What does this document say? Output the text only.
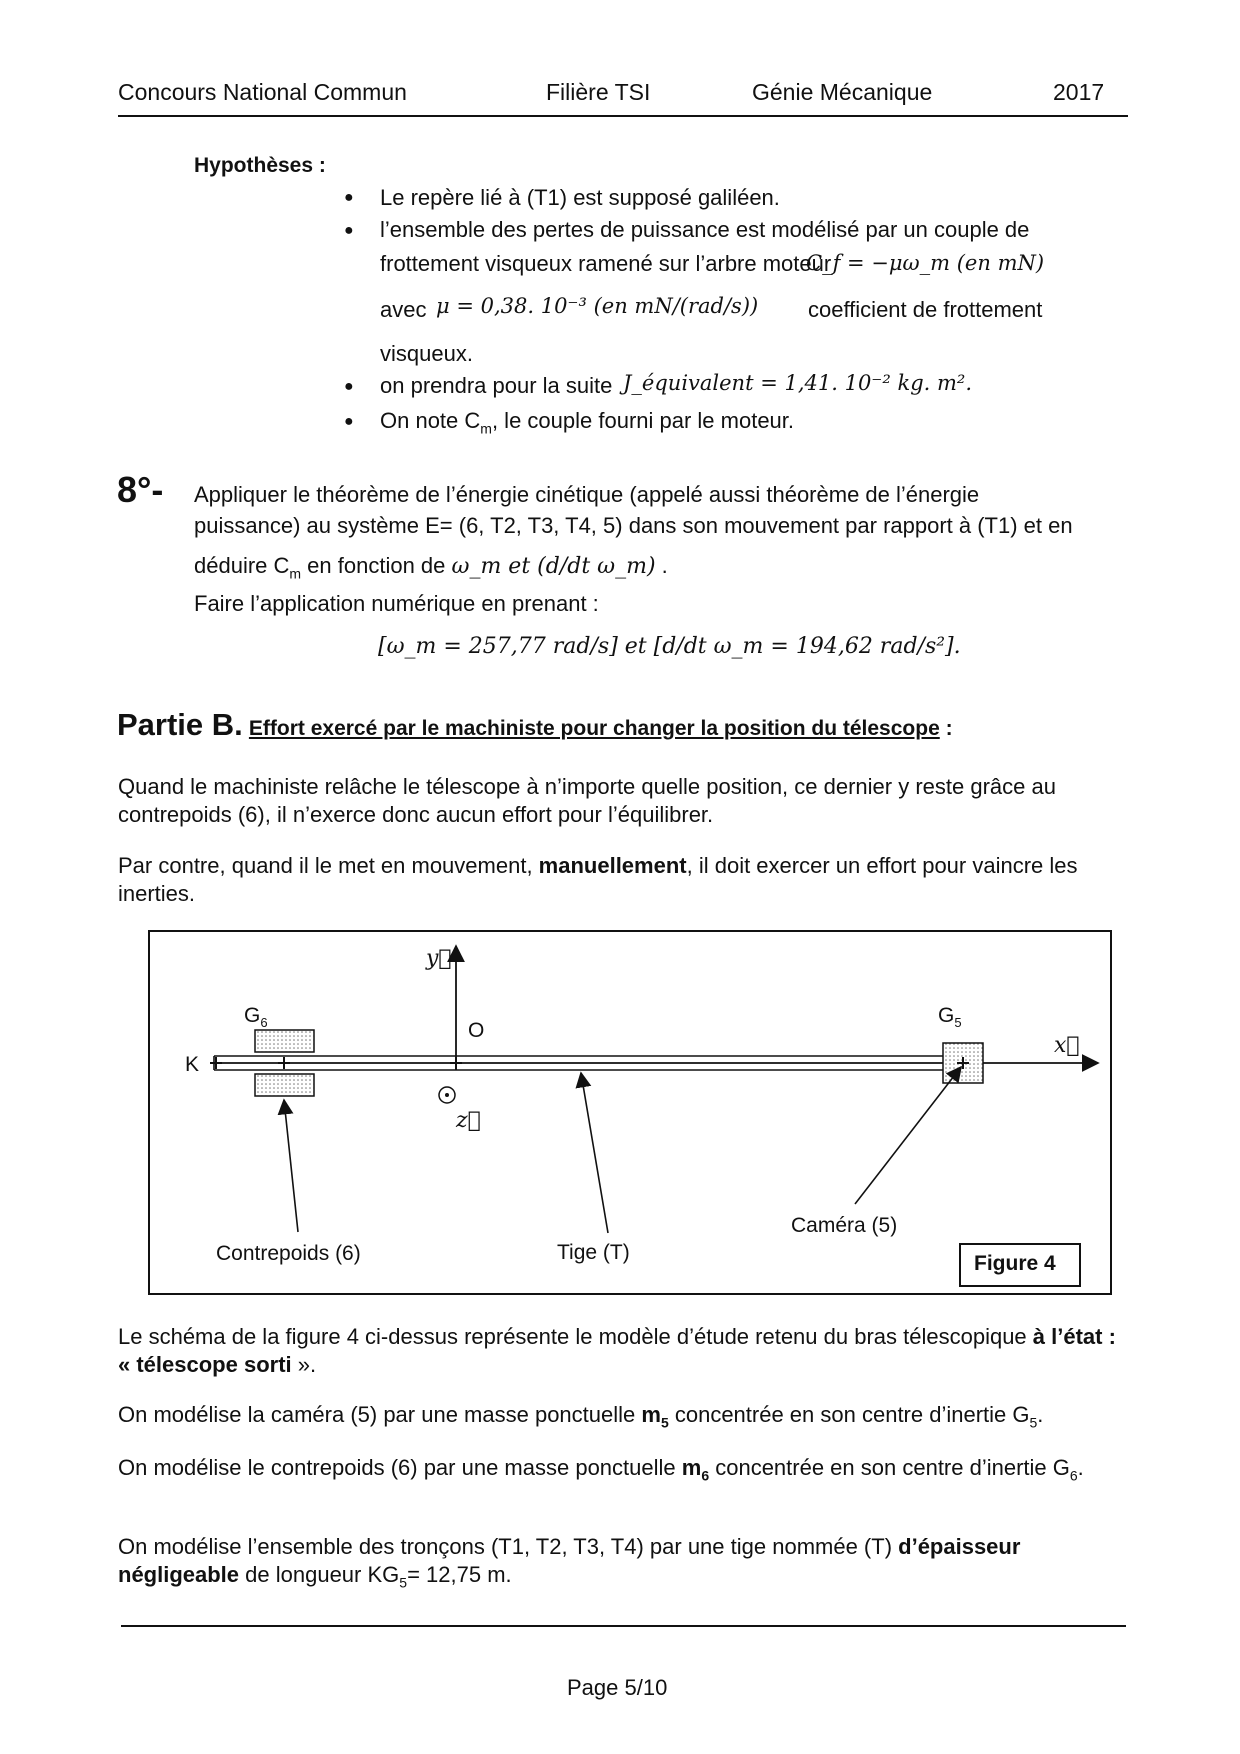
Concours National Commun	Filière TSI	Génie Mécanique	2017
Hypothèses :
● Le repère lié à (T1) est supposé galiléen.
● l’ensemble des pertes de puissance est modélisé par un couple de
frottement visqueux ramené sur l’arbre moteur
C_f = −μω_m (en mN)
avec μ = 0,38. 10⁻³ (en mN/(rad/s)) coefficient de frottement
visqueux.
● on prendra pour la suite J_équivalent = 1,41. 10⁻² kg. m².
● On note $C_m$, le couple fourni par le moteur.
8°- Appliquer le théorème de l’énergie cinétique (appelé aussi théorème de l’énergie
puissance) au système E= (6, T2, T3, T4, 5) dans son mouvement par rapport à (T1) et en
déduire $C_m$ en fonction de ω_m et (d/dt ω_m) .
Faire l’application numérique en prenant :
[ω_m = 257,77 rad/s] et [d/dt ω_m = 194,62 rad/s²].
Partie B. Effort exercé par le machiniste pour changer la position du télescope :
Quand le machiniste relâche le télescope à n’importe quelle position, ce dernier y reste grâce au contrepoids (6), il n’exerce donc aucun effort pour l’équilibrer.
Par contre, quand il le met en mouvement, manuellement, il doit exercer un effort pour vaincre les inerties.
y⃗
x⃗
z⃗
O
K
$G_6$	$G_5$
Contrepoids (6)	Tige (T)
Caméra (5)
Figure 4
Le schéma de la figure 4 ci-dessus représente le modèle d’étude retenu du bras télescopique à l’état : « télescope sorti ».
On modélise la caméra (5) par une masse ponctuelle $m_5$ concentrée en son centre d’inertie $G_5$.
On modélise le contrepoids (6) par une masse ponctuelle $m_6$ concentrée en son centre d’inertie $G_6$.
On modélise l’ensemble des tronçons (T1, T2, T3, T4) par une tige nommée (T) d’épaisseur négligeable de longueur $KG_5= 12,75$ m.
Page 5/10
